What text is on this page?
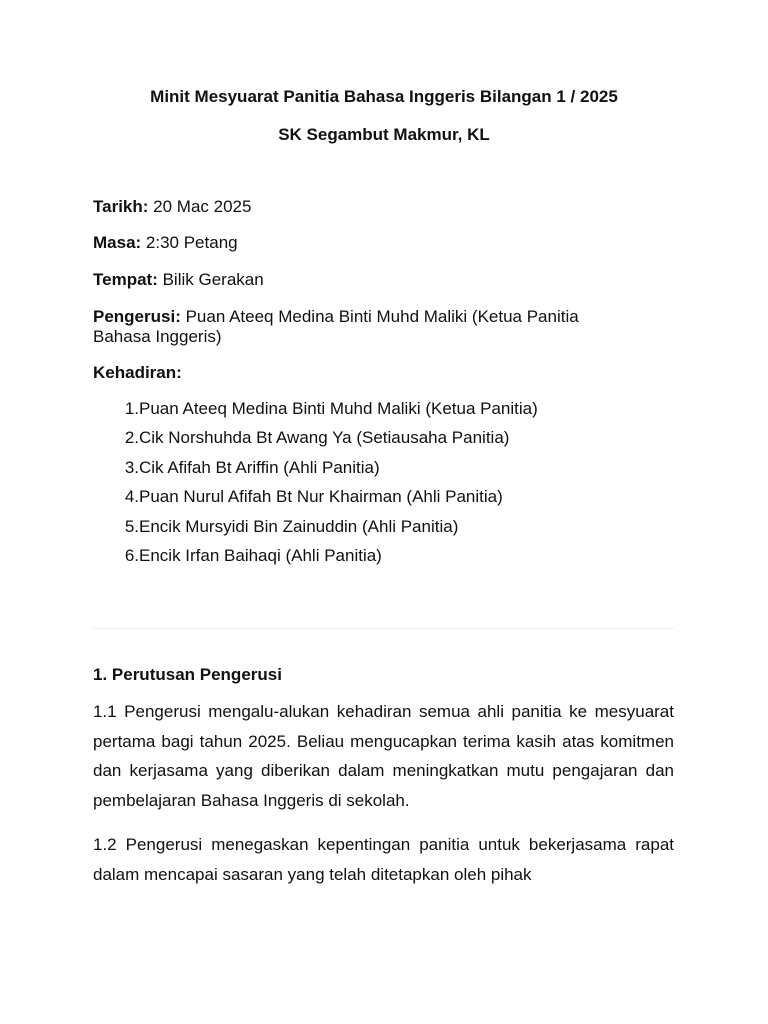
Minit Mesyuarat Panitia Bahasa Inggeris Bilangan 1 / 2025
SK Segambut Makmur, KL

Tarikh: 20 Mac 2025

Masa: 2:30 Petang

Tempat: Bilik Gerakan

Pengerusi: Puan Ateeq Medina Binti Muhd Maliki (Ketua Panitia Bahasa Inggeris)

Kehadiran:

1. Puan Ateeq Medina Binti Muhd Maliki (Ketua Panitia)
2. Cik Norshuhda Bt Awang Ya (Setiausaha Panitia)
3. Cik Afifah Bt Ariffin (Ahli Panitia)
4. Puan Nurul Afifah Bt Nur Khairman (Ahli Panitia)
5. Encik Mursyidi Bin Zainuddin (Ahli Panitia)
6. Encik Irfan Baihaqi (Ahli Panitia)
1. Perutusan Pengerusi

1.1 Pengerusi mengalu-alukan kehadiran semua ahli panitia ke mesyuarat pertama bagi tahun 2025. Beliau mengucapkan terima kasih atas komitmen dan kerjasama yang diberikan dalam meningkatkan mutu pengajaran dan pembelajaran Bahasa Inggeris di sekolah.

1.2 Pengerusi menegaskan kepentingan panitia untuk bekerjasama rapat dalam mencapai sasaran yang telah ditetapkan oleh pihak
